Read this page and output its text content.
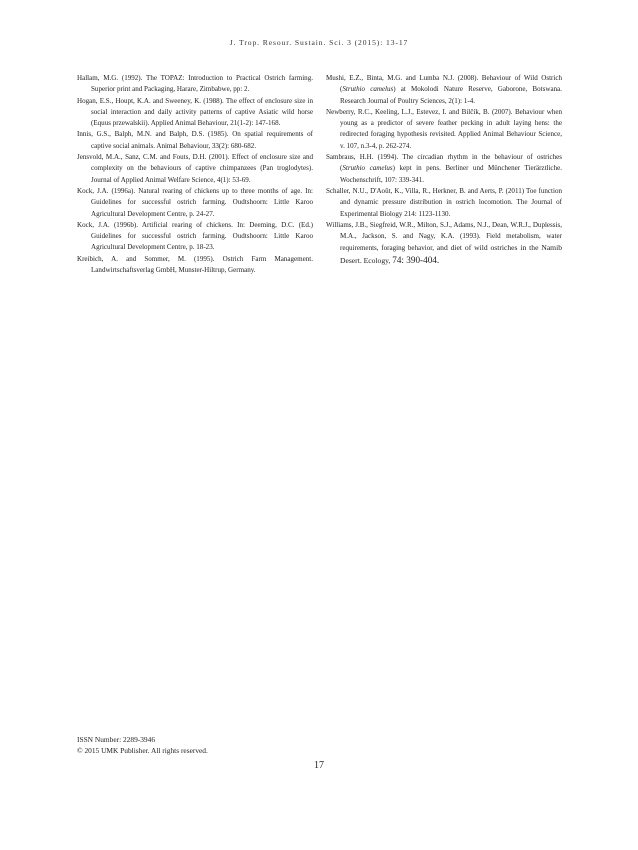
J. Trop. Resour. Sustain. Sci. 3 (2015): 13-17

Hallam, M.G. (1992). The TOPAZ: Introduction to Practical Ostrich farming. Superior print and Packaging, Harare, Zimbabwe, pp: 2.

Hogan, E.S., Houpt, K.A. and Sweeney, K. (1988). The effect of enclosure size in social interaction and daily activity patterns of captive Asiatic wild horse (Equus przewalskii). Applied Animal Behaviour, 21(1-2): 147-168.

Innis, G.S., Balph, M.N. and Balph, D.S. (1985). On spatial requirements of captive social animals. Animal Behaviour, 33(2): 680-682.

Jensvold, M.A., Sanz, C.M. and Fouts, D.H. (2001). Effect of enclosure size and complexity on the behaviours of captive chimpanzees (Pan troglodytes). Journal of Applied Animal Welfare Science, 4(1): 53-69.

Kock, J.A. (1996a). Natural rearing of chickens up to three months of age. In: Guidelines for successful ostrich farming. Oudtshoorn: Little Karoo Agricultural Development Centre, p. 24-27.

Kock, J.A. (1996b). Artificial rearing of chickens. In: Deeming, D.C. (Ed.) Guidelines for successful ostrich farming. Oudtshoorn: Little Karoo Agricultural Development Centre, p. 18-23.

Kreibich, A. and Sommer, M. (1995). Ostrich Farm Management. Landwirtschaftsverlag GmbH, Munster-Hiltrup, Germany.

Mushi, E.Z., Binta, M.G. and Lumba N.J. (2008). Behaviour of Wild Ostrich (Struthio camelus) at Mokolodi Nature Reserve, Gaborone, Botswana. Research Journal of Poultry Sciences, 2(1): 1-4.

Newberry, R.C., Keeling, L.J., Estevez, I. and Bilčík, B. (2007). Behaviour when young as a predictor of severe feather pecking in adult laying hens: the redirected foraging hypothesis revisited. Applied Animal Behaviour Science, v. 107, n.3-4, p. 262-274.

Sambraus, H.H. (1994). The circadian rhythm in the behaviour of ostriches (Struthio camelus) kept in pens. Berliner und Münchener Tierärztliche. Wochenschrift, 107: 339-341.

Schaller, N.U., D'Août, K., Villa, R., Herkner, B. and Aerts, P. (2011) Toe function and dynamic pressure distribution in ostrich locomotion. The Journal of Experimental Biology 214: 1123-1130.

Williams, J.B., Siegfreid, W.R., Milton, S.J., Adams, N.J., Dean, W.R.J., Duplessis, M.A., Jackson, S. and Nagy, K.A. (1993). Field metabolism, water requirements, foraging behavior, and diet of wild ostriches in the Namib Desert. Ecology, 74: 390-404.

ISSN Number: 2289-3946
© 2015 UMK Publisher. All rights reserved.
17
